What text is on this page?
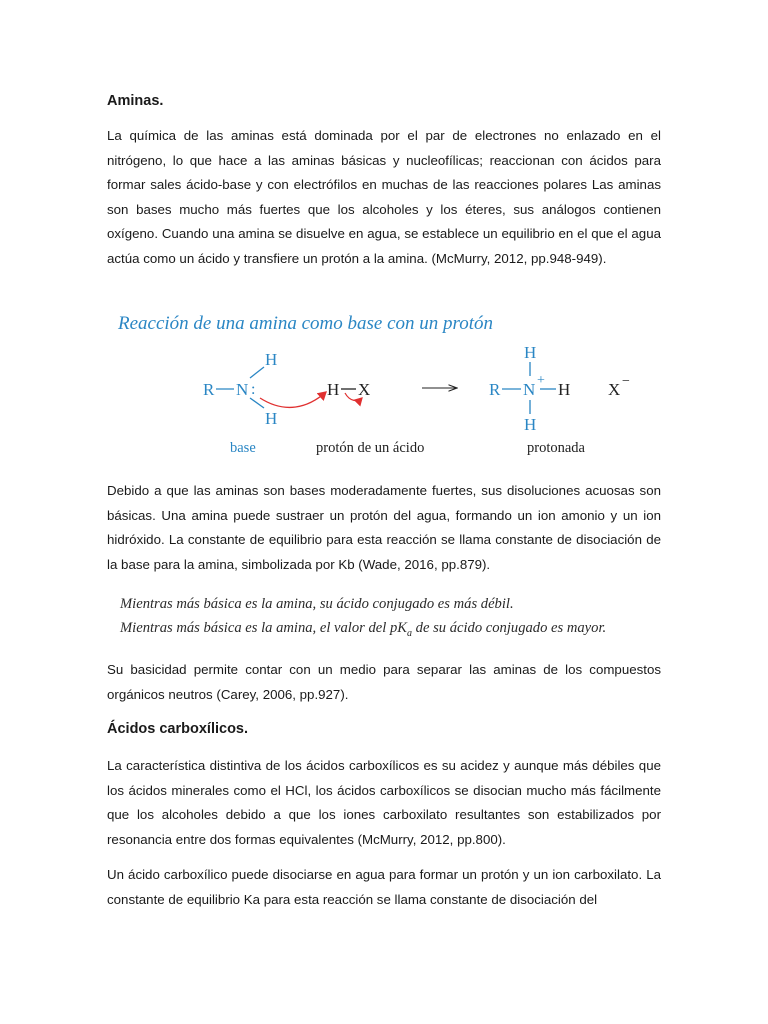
Aminas.

La química de las aminas está dominada por el par de electrones no enlazado en el nitrógeno, lo que hace a las aminas básicas y nucleofílicas; reaccionan con ácidos para formar sales ácido-base y con electrófilos en muchas de las reacciones polares Las aminas son bases mucho más fuertes que los alcoholes y los éteres, sus análogos contienen oxígeno. Cuando una amina se disuelve en agua, se establece un equilibrio en el que el agua actúa como un ácido y transfiere un protón a la amina. (McMurry, 2012, pp.948-949).

Reacción de una amina como base con un protón

R N :
H
H
H X
H
R N + H
H
X −
base	protón de un ácido	protonada

Debido a que las aminas son bases moderadamente fuertes, sus disoluciones acuosas son básicas. Una amina puede sustraer un protón del agua, formando un ion amonio y un ion hidróxido. La constante de equilibrio para esta reacción se llama constante de disociación de la base para la amina, simbolizada por Kb (Wade, 2016, pp.879).

Mientras más básica es la amina, su ácido conjugado es más débil.

Mientras más básica es la amina, el valor del $pK_a$ de su ácido conjugado es mayor.

Su basicidad permite contar con un medio para separar las aminas de los compuestos orgánicos neutros (Carey, 2006, pp.927).

Ácidos carboxílicos.

La característica distintiva de los ácidos carboxílicos es su acidez y aunque más débiles que los ácidos minerales como el HCl, los ácidos carboxílicos se disocian mucho más fácilmente que los alcoholes debido a que los iones carboxilato resultantes son estabilizados por resonancia entre dos formas equivalentes (McMurry, 2012, pp.800).

Un ácido carboxílico puede disociarse en agua para formar un protón y un ion carboxilato. La constante de equilibrio Ka para esta reacción se llama constante de disociación del
